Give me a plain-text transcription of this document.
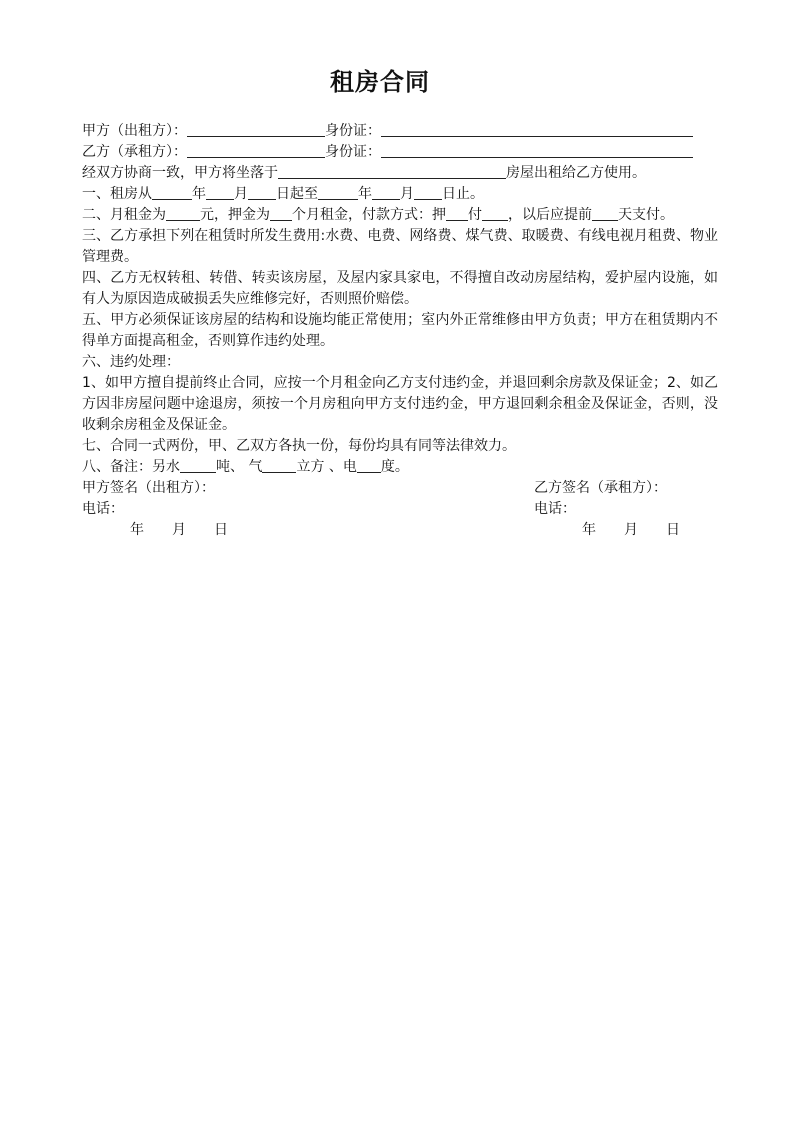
租房合同
甲方（出租方）：	身份证：
乙方（承租方）：	身份证：
经双方协商一致，甲方将坐落于	房屋出租给乙方使用。
一、租房从	年 月 日起至	年 月 日止。
二、月租金为 元，押金为 个月租金，付款方式：押 付 ，以后应提前 天支付。
三、乙方承担下列在租赁时所发生费用:水费、电费、网络费、煤气费、取暖费、有线电视月租费、物业管理费。
四、乙方无权转租、转借、转卖该房屋，及屋内家具家电，不得擅自改动房屋结构，爱护屋内设施，如有人为原因造成破损丢失应维修完好，否则照价赔偿。
五、甲方必须保证该房屋的结构和设施均能正常使用；室内外正常维修由甲方负责；甲方在租赁期内不得单方面提高租金，否则算作违约处理。
六、违约处理：
1、如甲方擅自提前终止合同，应按一个月租金向乙方支付违约金，并退回剩余房款及保证金；2、如乙方因非房屋问题中途退房，须按一个月房租向甲方支付违约金，甲方退回剩余租金及保证金，否则，没收剩余房租金及保证金。
七、合同一式两份，甲、乙双方各执一份，每份均具有同等法律效力。
八、备注：另水	吨、 气 立方 、电 度。
甲方签名（出租方）：	乙方签名（承租方）：
电话：	电话：
年 月 日	年 月 日
